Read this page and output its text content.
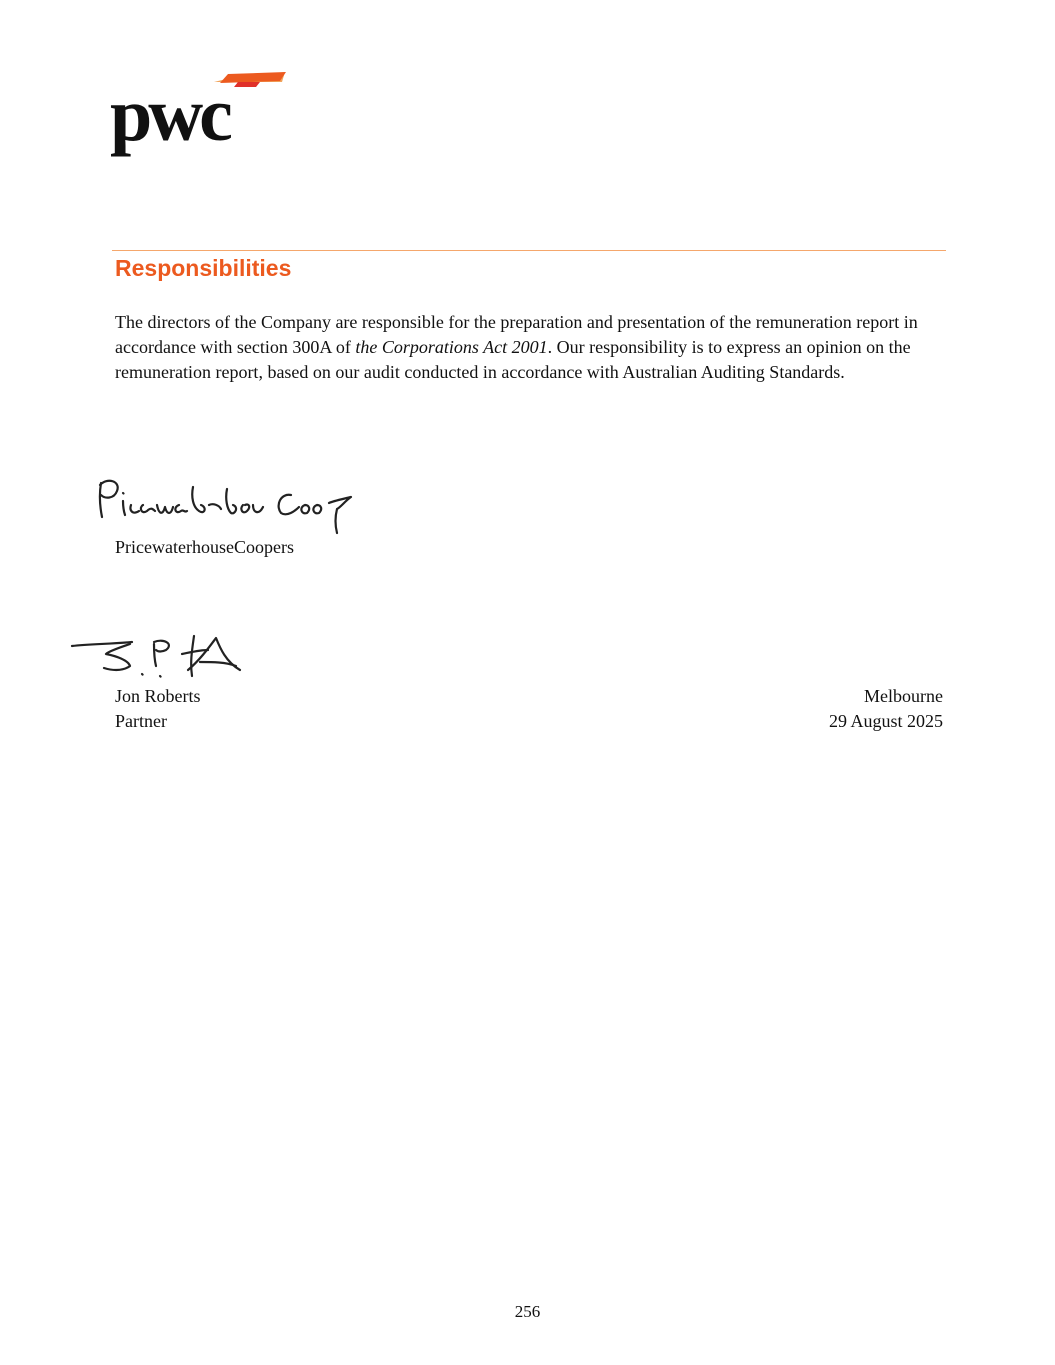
pwc
Responsibilities

The directors of the Company are responsible for the preparation and presentation of the remuneration report in accordance with section 300A of the Corporations Act 2001. Our responsibility is to express an opinion on the remuneration report, based on our audit conducted in accordance with Australian Auditing Standards.

PricewaterhouseCoopers
Jon Roberts
Partner
Melbourne
29 August 2025
256
